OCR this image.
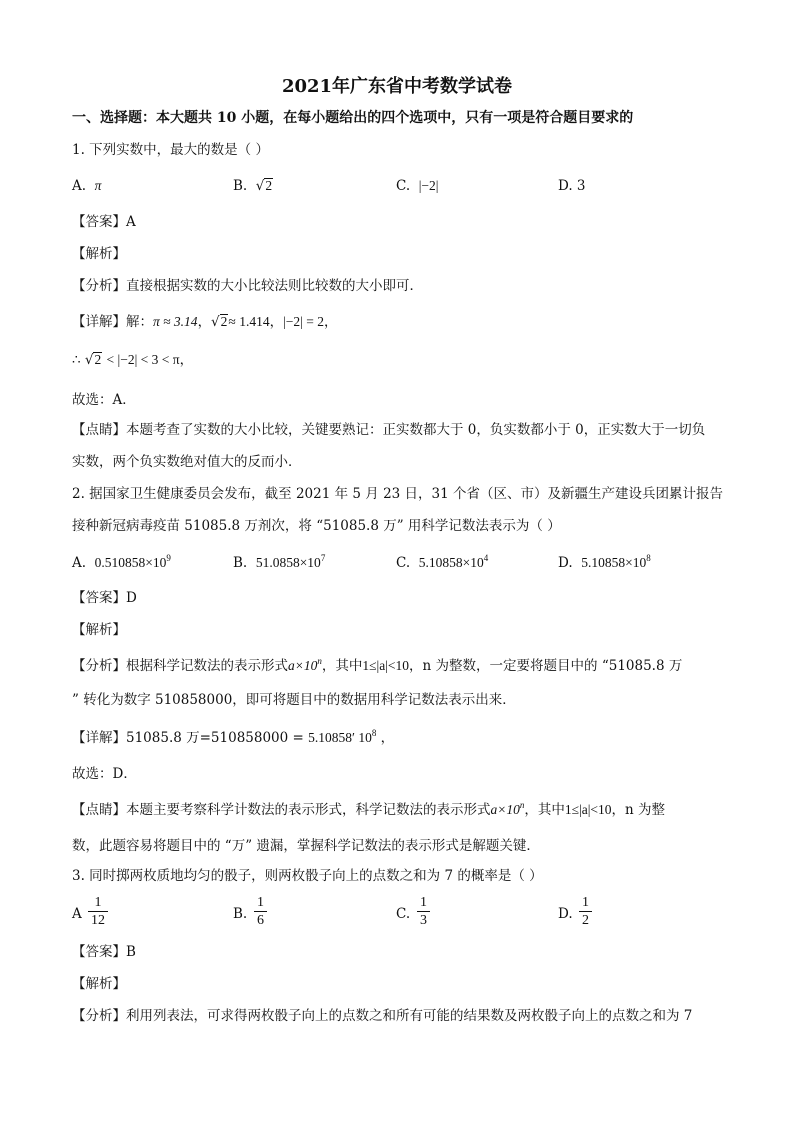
2021年广东省中考数学试卷
一、选择题：本大题共 10 小题，在每小题给出的四个选项中，只有一项是符合题目要求的
1. 下列实数中，最大的数是（ ）
A. π	B.  √2	C. |−2|	D. 3
【答案】A
【解析】
【分析】直接根据实数的大小比较法则比较数的大小即可．
【详解】解：π ≈ 3.14，√2≈ 1.414，|−2| = 2，
∴ √2 < |−2| < 3 < π，
故选：A．
【点睛】本题考查了实数的大小比较，关键要熟记：正实数都大于 0，负实数都小于 0，正实数大于一切负
实数，两个负实数绝对值大的反而小．
2. 据国家卫生健康委员会发布，截至 2021 年 5 月 23 日，31 个省（区、市）及新疆生产建设兵团累计报告
接种新冠病毒疫苗 51085.8 万剂次，将 “51085.8 万” 用科学记数法表示为（ ）
A. $0.510858\times 10^9$	B. $51.0858\times 10^7$	C. $5.10858\times 10^4$	D. $5.10858\times 10^8$
【答案】D
【解析】
【分析】根据科学记数法的表示形式$a\times 10^n$，其中1≤|a|<10，n 为整数，一定要将题目中的 “51085.8 万
” 转化为数字 510858000，即可将题目中的数据用科学记数法表示出来．
【详解】51085.8 万=510858000 = 5.10858′ $10^8$ ，
故选：D．
【点睛】本题主要考察科学计数法的表示形式，科学记数法的表示形式$a\times 10^n$，其中1≤|a|<10，n 为整
数，此题容易将题目中的 “万” 遗漏，掌握科学记数法的表示形式是解题关键．
3. 同时掷两枚质地均匀的骰子，则两枚骰子向上的点数之和为 7 的概率是（ ）
A $\frac{1}{12}$	B. $\frac{1}{6}$	C. $\frac{1}{3}$	D. $\frac{1}{2}$
【答案】B
【解析】
【分析】利用列表法，可求得两枚骰子向上的点数之和所有可能的结果数及两枚骰子向上的点数之和为 7
